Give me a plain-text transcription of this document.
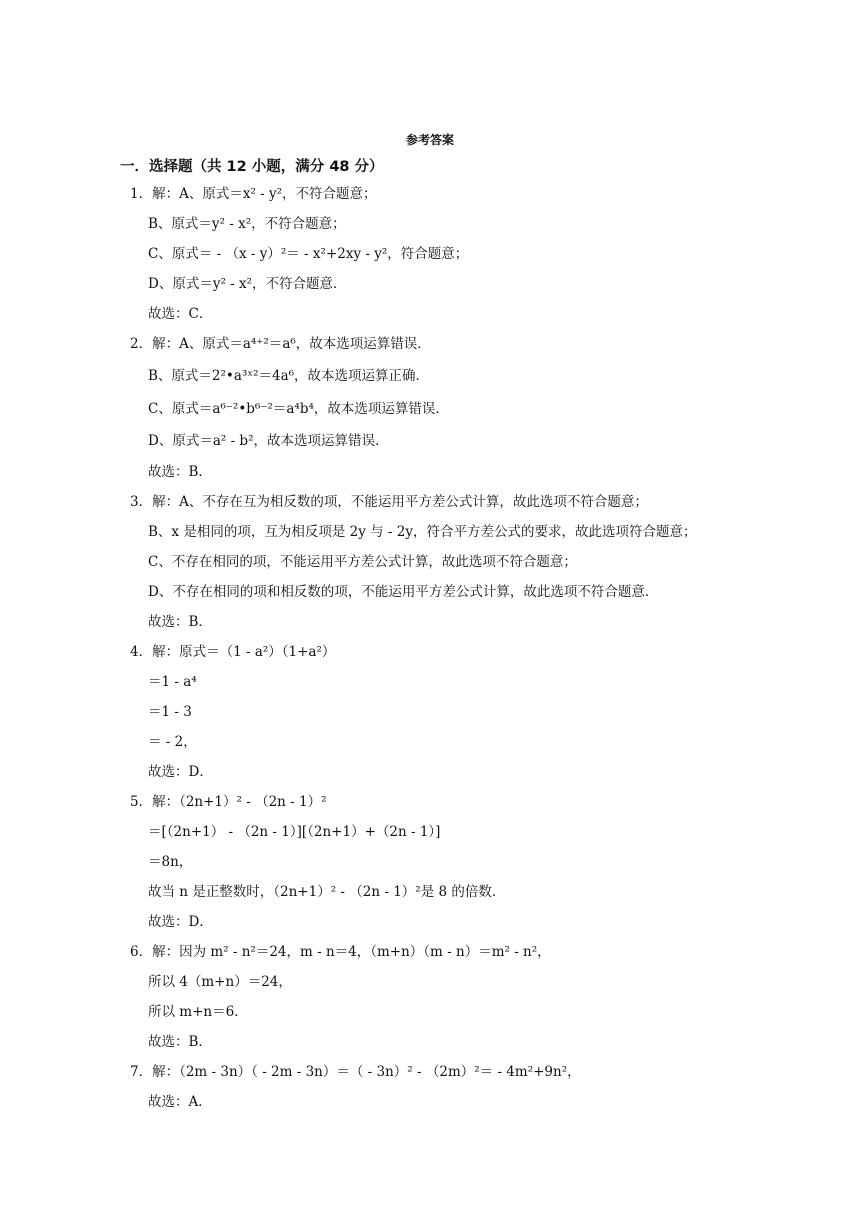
参考答案
一．选择题（共 12 小题，满分 48 分）
1．解：A、原式＝x² - y²，不符合题意；
B、原式＝y² - x²，不符合题意；
C、原式＝ - （x - y）²＝ - x²+2xy - y²，符合题意；
D、原式＝y² - x²，不符合题意．
故选：C．
2．解：A、原式＝a⁴⁺²＝a⁶，故本选项运算错误．
B、原式＝2²•a³ˣ²＝4a⁶，故本选项运算正确．
C、原式＝a⁶⁻²•b⁶⁻²＝a⁴b⁴，故本选项运算错误．
D、原式＝a² - b²，故本选项运算错误．
故选：B．
3．解：A、不存在互为相反数的项，不能运用平方差公式计算，故此选项不符合题意；
B、x 是相同的项，互为相反项是 2y 与 - 2y，符合平方差公式的要求，故此选项符合题意；
C、不存在相同的项，不能运用平方差公式计算，故此选项不符合题意；
D、不存在相同的项和相反数的项，不能运用平方差公式计算，故此选项不符合题意．
故选：B．
4．解：原式＝（1 - a²）（1+a²）
＝1 - a⁴
＝1 - 3
＝ - 2，
故选：D．
5．解：（2n+1）² - （2n - 1）²
＝[（2n+1） - （2n - 1）][（2n+1）+（2n - 1）]
＝8n，
故当 n 是正整数时，（2n+1）² - （2n - 1）²是 8 的倍数．
故选：D．
6．解：因为 m² - n²＝24，m - n＝4，（m+n）（m - n）＝m² - n²，
所以 4（m+n）＝24，
所以 m+n＝6．
故选：B．
7．解：（2m - 3n）（ - 2m - 3n）＝（ - 3n）² - （2m）²＝ - 4m²+9n²，
故选：A．
